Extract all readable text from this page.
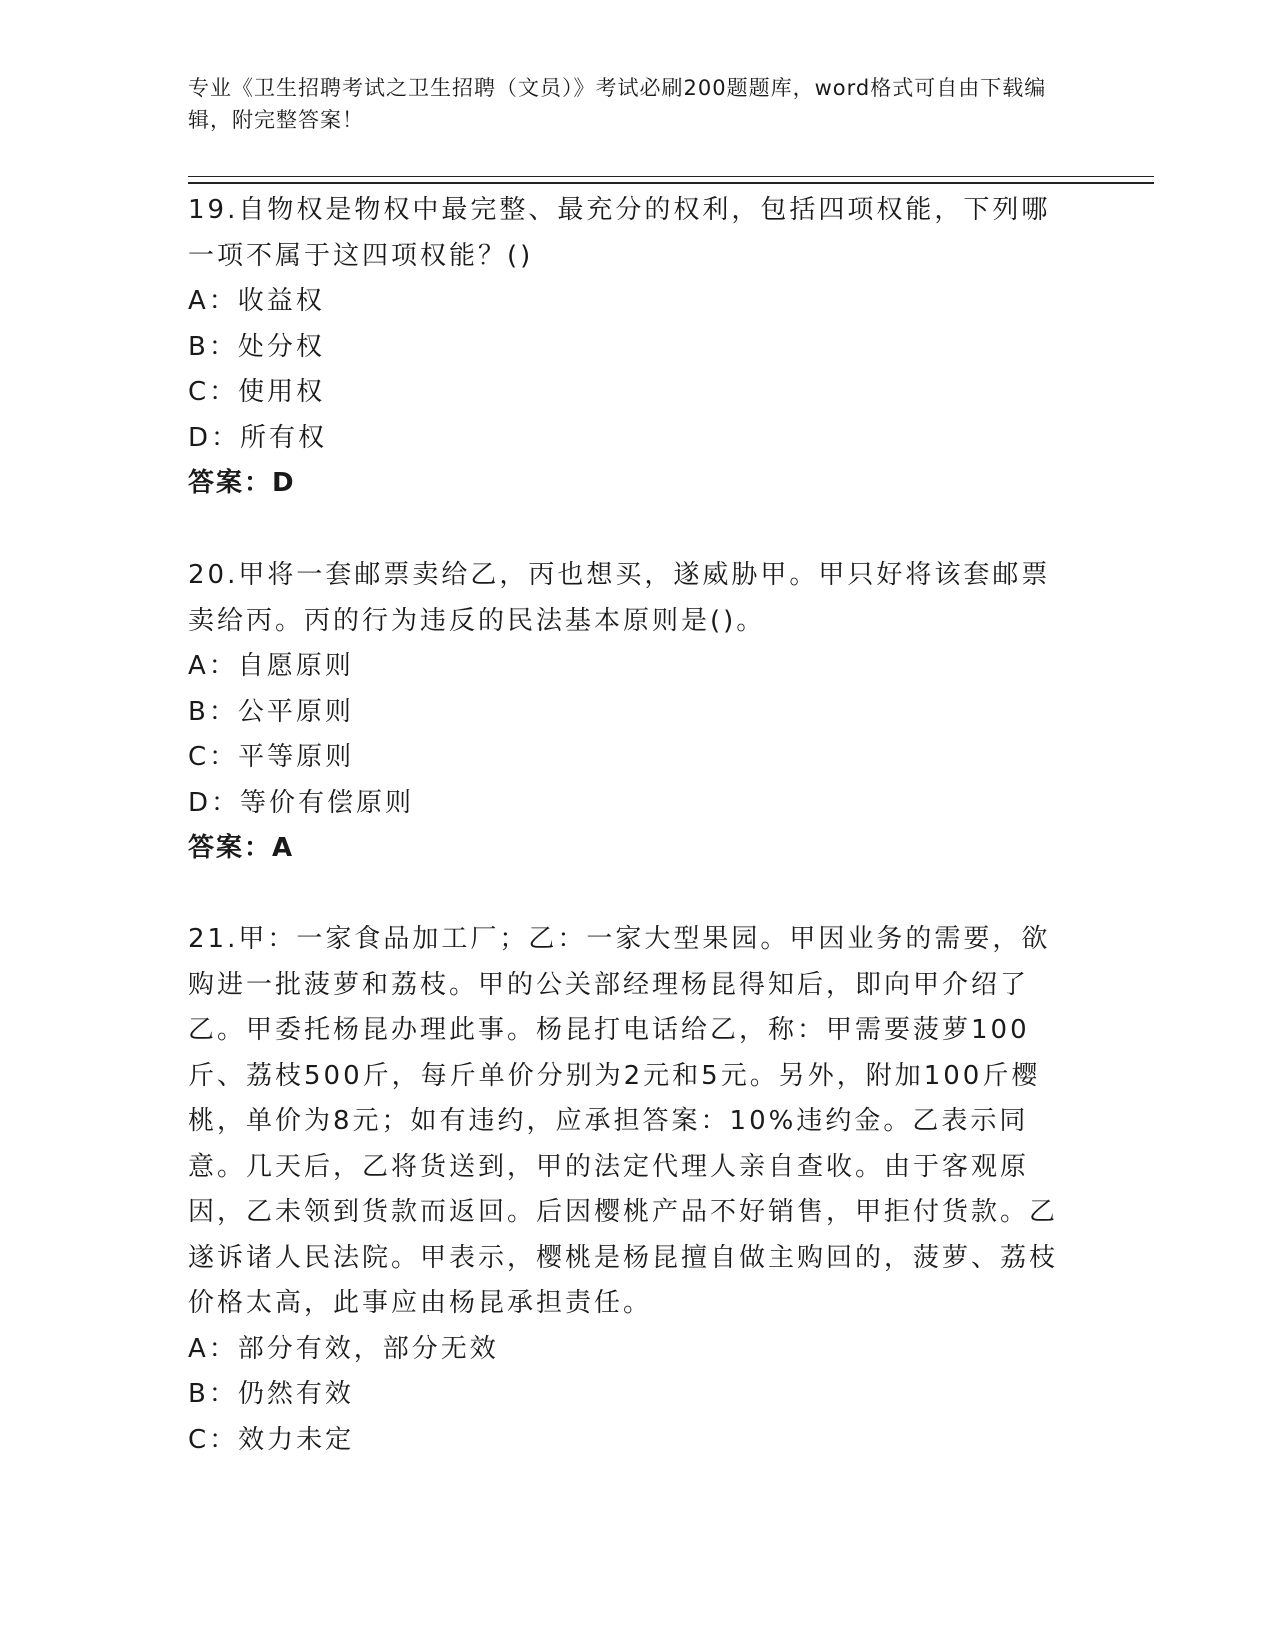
专业《卫生招聘考试之卫生招聘（文员）》考试必刷200题题库，word格式可自由下载编辑，附完整答案！

19.自物权是物权中最完整、最充分的权利，包括四项权能，下列哪一项不属于这四项权能？()

A：收益权

B：处分权

C：使用权

D：所有权

答案：D

20.甲将一套邮票卖给乙，丙也想买，遂威胁甲。甲只好将该套邮票卖给丙。丙的行为违反的民法基本原则是()。

A：自愿原则

B：公平原则

C：平等原则

D：等价有偿原则

答案：A

21.甲：一家食品加工厂；乙：一家大型果园。甲因业务的需要，欲购进一批菠萝和荔枝。甲的公关部经理杨昆得知后，即向甲介绍了乙。甲委托杨昆办理此事。杨昆打电话给乙，称：甲需要菠萝100斤、荔枝500斤，每斤单价分别为2元和5元。另外，附加100斤樱桃，单价为8元；如有违约，应承担答案：10%违约金。乙表示同意。几天后，乙将货送到，甲的法定代理人亲自查收。由于客观原因，乙未领到货款而返回。后因樱桃产品不好销售，甲拒付货款。乙遂诉诸人民法院。甲表示，樱桃是杨昆擅自做主购回的，菠萝、荔枝价格太高，此事应由杨昆承担责任。

A：部分有效，部分无效

B：仍然有效

C：效力未定
